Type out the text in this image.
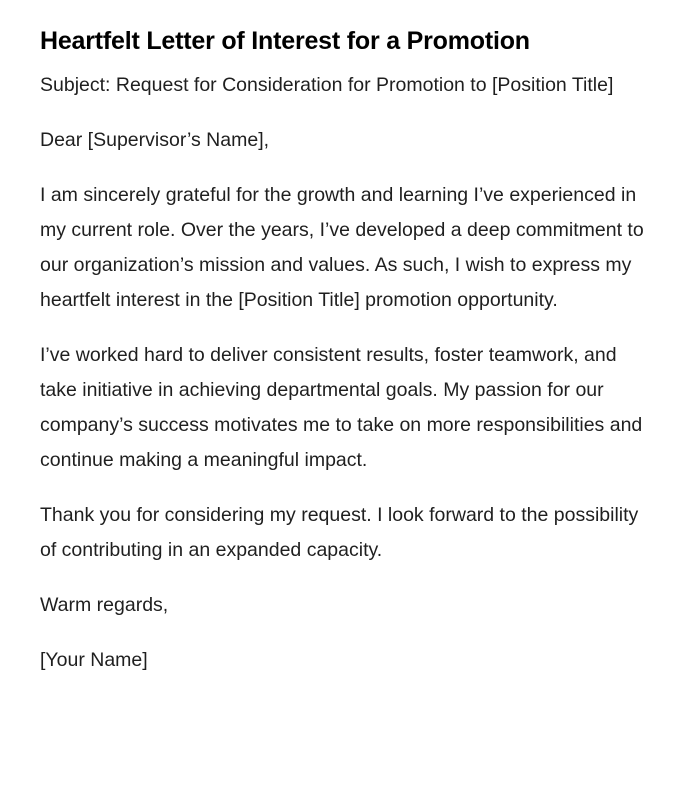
Heartfelt Letter of Interest for a Promotion

Subject: Request for Consideration for Promotion to [Position Title]

Dear [Supervisor’s Name],

I am sincerely grateful for the growth and learning I’ve experienced in my current role. Over the years, I’ve developed a deep commitment to our organization’s mission and values. As such, I wish to express my heartfelt interest in the [Position Title] promotion opportunity.

I’ve worked hard to deliver consistent results, foster teamwork, and take initiative in achieving departmental goals. My passion for our company’s success motivates me to take on more responsibilities and continue making a meaningful impact.

Thank you for considering my request. I look forward to the possibility of contributing in an expanded capacity.

Warm regards,

[Your Name]
